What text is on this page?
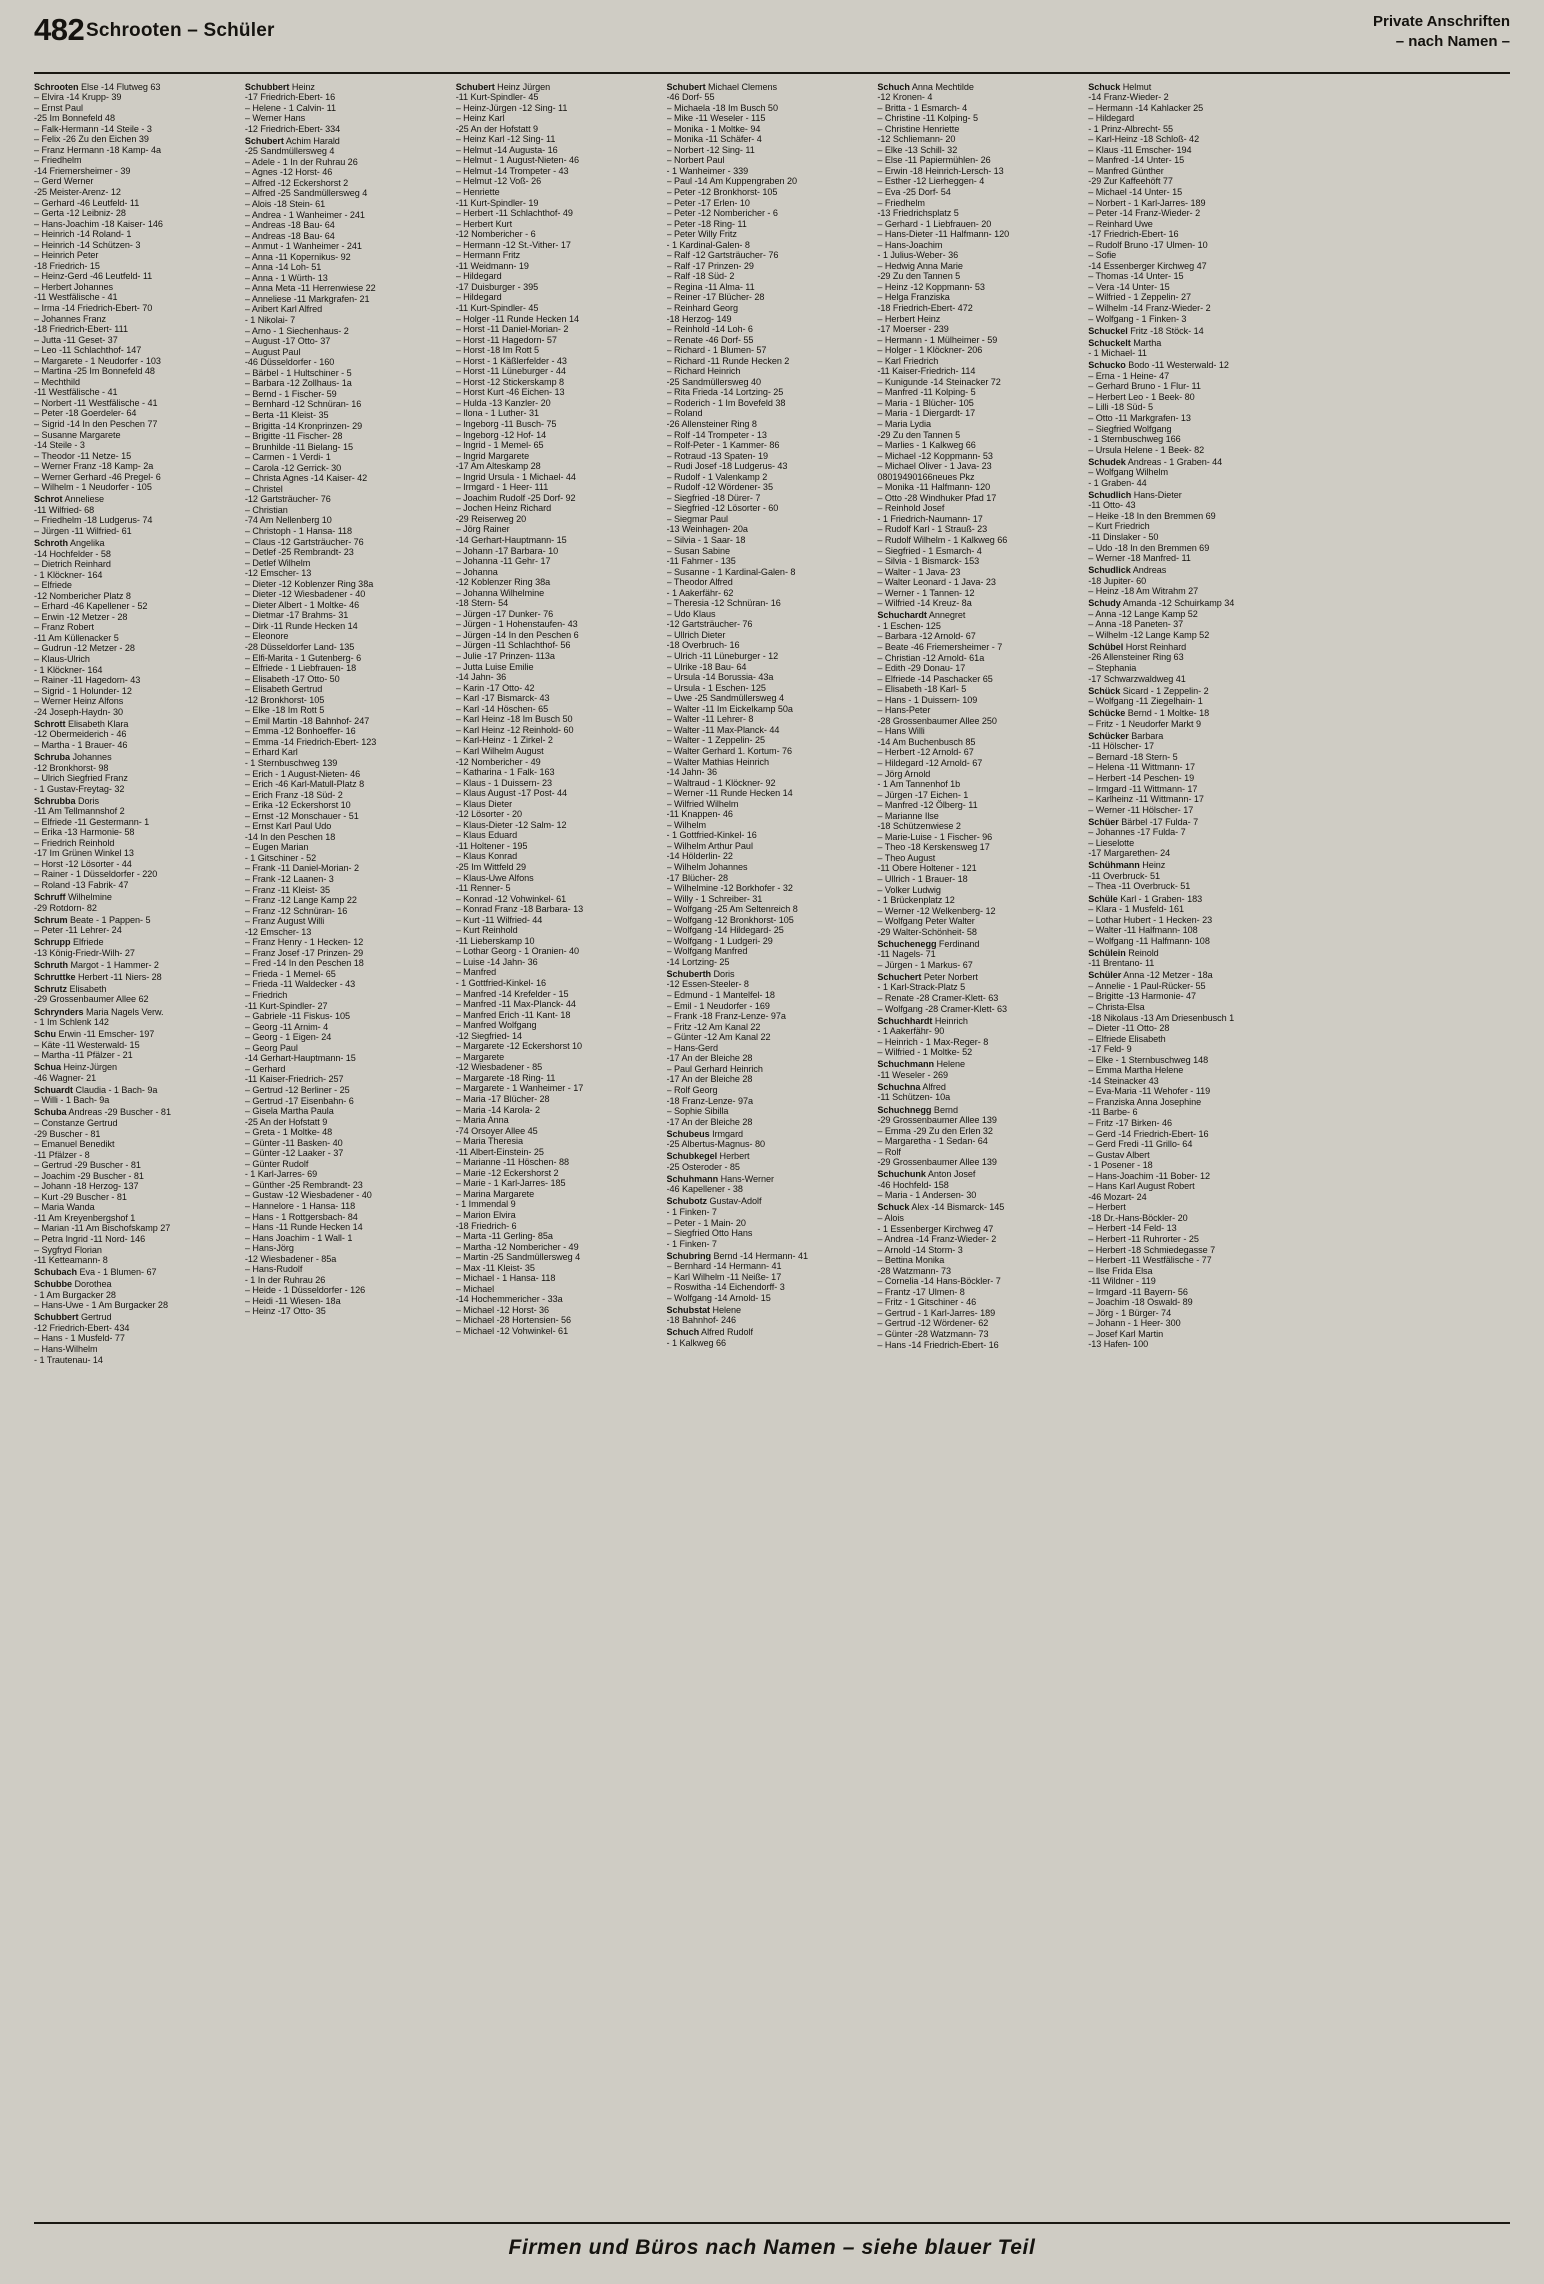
482 Schrooten – Schüler	Private Anschriften
– nach Namen –
Schrooten Else -14 Flutweg 63
– Elvira -14 Krupp- 39
– Ernst Paul
-25 Im Bonnefeld 48
– Falk-Hermann -14 Steile - 3
– Felix -26 Zu den Eichen 39
– Franz Hermann -18 Kamp- 4a
– Friedhelm
-14 Friemersheimer - 39
– Gerd Werner
-25 Meister-Arenz- 12
– Gerhard -46 Leutfeld- 11
– Gerta -12 Leibniz- 28
– Hans-Joachim -18 Kaiser- 146
– Heinrich -14 Roland- 1
– Heinrich -14 Schützen- 3
– Heinrich Peter
-18 Friedrich- 15
– Heinz-Gerd -46 Leutfeld- 11
– Herbert Johannes
-11 Westfälische - 41
– Irma -14 Friedrich-Ebert- 70
– Johannes Franz
-18 Friedrich-Ebert- 111
– Jutta -11 Geset- 37
– Leo -11 Schlachthof- 147
– Margarete - 1 Neudorfer - 103
– Martina -25 Im Bonnefeld 48
– Mechthild
-11 Westfälische - 41
– Norbert -11 Westfälische - 41
– Peter -18 Goerdeler- 64
– Sigrid -14 In den Peschen 77
– Susanne Margarete
-14 Steile - 3
– Theodor -11 Netze- 15
– Werner Franz -18 Kamp- 2a
– Werner Gerhard -46 Pregel- 6
– Wilhelm - 1 Neudorfer - 105
Schrot Anneliese
-11 Wilfried- 68
– Friedhelm -18 Ludgerus- 74
– Jürgen -11 Wilfried- 61
Schroth Angelika
-14 Hochfelder - 58
– Dietrich Reinhard
- 1 Klöckner- 164
– Elfriede
-12 Nombericher Platz 8
– Erhard -46 Kapellener - 52
– Erwin -12 Metzer - 28
– Franz Robert
-11 Am Küllenacker 5
– Gudrun -12 Metzer - 28
– Klaus-Ulrich
- 1 Klöckner- 164
– Rainer -11 Hagedorn- 43
– Sigrid - 1 Holunder- 12
– Werner Heinz Alfons
-24 Joseph-Haydn- 30
Schrott Elisabeth Klara
-12 Obermeiderich - 46
– Martha - 1 Brauer- 46
Schruba Johannes
-12 Bronkhorst- 98
– Ulrich Siegfried Franz
- 1 Gustav-Freytag- 32
Schrubba Doris
-11 Am Tellmannshof 2
– Elfriede -11 Gestermann- 1
– Erika -13 Harmonie- 58
– Friedrich Reinhold
-17 Im Grünen Winkel 13
– Horst -12 Lösorter - 44
– Rainer - 1 Düsseldorfer - 220
– Roland -13 Fabrik- 47
Schruff Wilhelmine
-29 Rotdorn- 82
Schrum Beate - 1 Pappen- 5
– Peter -11 Lehrer- 24
Schrupp Elfriede
-13 König-Friedr-Wilh- 27
Schruth Margot - 1 Hammer- 2
Schruttke Herbert -11 Niers- 28
Schrutz Elisabeth
-29 Grossenbaumer Allee 62
Schrynders Maria Nagels Verw.
- 1 Im Schlenk 142
Schu Erwin -11 Emscher- 197
– Käte -11 Westerwald- 15
– Martha -11 Pfälzer - 21
Schua Heinz-Jürgen
-46 Wagner- 21
Schuardt Claudia - 1 Bach- 9a
– Willi - 1 Bach- 9a
Schuba Andreas -29 Buscher - 81
– Constanze Gertrud
-29 Buscher - 81
– Emanuel Benedikt
-11 Pfälzer - 8
– Gertrud -29 Buscher - 81
– Joachim -29 Buscher - 81
– Johann -18 Herzog- 137
– Kurt -29 Buscher - 81
– Maria Wanda
-11 Am Kreyenbergshof 1
– Marian -11 Am Bischofskamp 27
– Petra Ingrid -11 Nord- 146
– Sygfryd Florian
-11 Ketteamann- 8
Schubach Eva - 1 Blumen- 67
Schubbe Dorothea
- 1 Am Burgacker 28
– Hans-Uwe - 1 Am Burgacker 28
Schubbert Gertrud
-12 Friedrich-Ebert- 434
– Hans - 1 Musfeld- 77
– Hans-Wilhelm
- 1 Trautenau- 14
Schubbert Heinz
-17 Friedrich-Ebert- 16
– Helene - 1 Calvin- 11
– Werner Hans
-12 Friedrich-Ebert- 334
Schubert Achim Harald
-25 Sandmüllersweg 4
– Adele - 1 In der Ruhrau 26
– Agnes -12 Horst- 46
– Alfred -12 Eckershorst 2
– Alfred -25 Sandmüllersweg 4
– Alois -18 Stein- 61
– Andrea - 1 Wanheimer - 241
– Andreas -18 Bau- 64
– Andreas -18 Bau- 64
– Anmut - 1 Wanheimer - 241
– Anna -11 Kopernikus- 92
– Anna -14 Loh- 51
– Anna - 1 Würth- 13
– Anna Meta -11 Herrenwiese 22
– Anneliese -11 Markgrafen- 21
– Aribert Karl Alfred
- 1 Nikolai- 7
– Arno - 1 Siechenhaus- 2
– August -17 Otto- 37
– August Paul
-46 Düsseldorfer - 160
– Bärbel - 1 Hultschiner - 5
– Barbara -12 Zollhaus- 1a
– Bernd - 1 Fischer- 59
– Bernhard -12 Schnüran- 16
– Berta -11 Kleist- 35
– Brigitta -14 Kronprinzen- 29
– Brigitte -11 Fischer- 28
– Brunhilde -11 Bielang- 15
– Carmen - 1 Verdi- 1
– Carola -12 Gerrick- 30
– Christa Agnes -14 Kaiser- 42
– Christel
-12 Gartsträucher- 76
– Christian
-74 Am Nellenberg 10
– Christoph - 1 Hansa- 118
– Claus -12 Gartsträucher- 76
– Detlef -25 Rembrandt- 23
– Detlef Wilhelm
-12 Emscher- 13
– Dieter -12 Koblenzer Ring 38a
– Dieter -12 Wiesbadener - 40
– Dieter Albert - 1 Moltke- 46
– Dietmar -17 Brahms- 31
– Dirk -11 Runde Hecken 14
– Eleonore
-28 Düsseldorfer Land- 135
– Elfi-Marita - 1 Gutenberg- 6
– Elfriede - 1 Liebfrauen- 18
– Elisabeth -17 Otto- 50
– Elisabeth Gertrud
-12 Bronkhorst- 105
– Elke -18 Im Rott 5
– Emil Martin -18 Bahnhof- 247
– Emma -12 Bonhoeffer- 16
– Emma -14 Friedrich-Ebert- 123
– Erhard Karl
- 1 Sternbuschweg 139
– Erich - 1 August-Nieten- 46
– Erich -46 Karl-Matull-Platz 8
– Erich Franz -18 Süd- 2
– Erika -12 Eckershorst 10
– Ernst -12 Monschauer - 51
– Ernst Karl Paul Udo
-14 In den Peschen 18
– Eugen Marian
- 1 Gitschiner - 52
– Frank -11 Daniel-Morian- 2
– Frank -12 Laanen- 3
– Franz -11 Kleist- 35
– Franz -12 Lange Kamp 22
– Franz -12 Schnüran- 16
– Franz August Willi
-12 Emscher- 13
– Franz Henry - 1 Hecken- 12
– Franz Josef -17 Prinzen- 29
– Fred -14 In den Peschen 18
– Frieda - 1 Memel- 65
– Frieda -11 Waldecker - 43
– Friedrich
-11 Kurt-Spindler- 27
– Gabriele -11 Fiskus- 105
– Georg -11 Arnim- 4
– Georg - 1 Eigen- 24
– Georg Paul
-14 Gerhart-Hauptmann- 15
– Gerhard
-11 Kaiser-Friedrich- 257
– Gertrud -12 Berliner - 25
– Gertrud -17 Eisenbahn- 6
– Gisela Martha Paula
-25 An der Hofstatt 9
– Greta - 1 Moltke- 48
– Günter -11 Basken- 40
– Günter -12 Laaker - 37
– Günter Rudolf
- 1 Karl-Jarres- 69
– Günther -25 Rembrandt- 23
– Gustaw -12 Wiesbadener - 40
– Hannelore - 1 Hansa- 118
– Hans - 1 Rottgersbach- 84
– Hans -11 Runde Hecken 14
– Hans Joachim - 1 Wall- 1
– Hans-Jörg
-12 Wiesbadener - 85a
– Hans-Rudolf
- 1 In der Ruhrau 26
– Heide - 1 Düsseldorfer - 126
– Heidi -11 Wiesen- 18a
– Heinz -17 Otto- 35
Schubert Heinz Jürgen
-11 Kurt-Spindler- 45
– Heinz-Jürgen -12 Sing- 11
– Heinz Karl
-25 An der Hofstatt 9
– Heinz Karl -12 Sing- 11
– Helmut -14 Augusta- 16
– Helmut - 1 August-Nieten- 46
– Helmut -14 Trompeter - 43
– Helmut -12 Voß- 26
– Henriette
-11 Kurt-Spindler- 19
– Herbert -11 Schlachthof- 49
– Herbert Kurt
-12 Nombericher - 6
– Hermann -12 St.-Vither- 17
– Hermann Fritz
-11 Weidmann- 19
– Hildegard
-17 Duisburger - 395
– Hildegard
-11 Kurt-Spindler- 45
– Holger -11 Runde Hecken 14
– Horst -11 Daniel-Morian- 2
– Horst -11 Hagedorn- 57
– Horst -18 Im Rott 5
– Horst - 1 Käßlerfelder - 43
– Horst -11 Lüneburger - 44
– Horst -12 Stickerskamp 8
– Horst Kurt -46 Eichen- 13
– Hulda -13 Kanzler- 20
– Ilona - 1 Luther- 31
– Ingeborg -11 Busch- 75
– Ingeborg -12 Hof- 14
– Ingrid - 1 Memel- 65
– Ingrid Margarete
-17 Am Alteskamp 28
– Ingrid Ursula - 1 Michael- 44
– Irmgard - 1 Heer- 111
– Joachim Rudolf -25 Dorf- 92
– Jochen Heinz Richard
-29 Reiserweg 20
– Jörg Rainer
-14 Gerhart-Hauptmann- 15
– Johann -17 Barbara- 10
– Johanna -11 Gehr- 17
– Johanna
-12 Koblenzer Ring 38a
– Johanna Wilhelmine
-18 Stern- 54
– Jürgen -17 Dunker- 76
– Jürgen - 1 Hohenstaufen- 43
– Jürgen -14 In den Peschen 6
– Jürgen -11 Schlachthof- 56
– Julie -17 Prinzen- 113a
– Jutta Luise Emilie
-14 Jahn- 36
– Karin -17 Otto- 42
– Karl -17 Bismarck- 43
– Karl -14 Höschen- 65
– Karl Heinz -18 Im Busch 50
– Karl Heinz -12 Reinhold- 60
– Karl-Heinz - 1 Zirkel- 2
– Karl Wilhelm August
-12 Nombericher - 49
– Katharina - 1 Falk- 163
– Klaus - 1 Duissern- 23
– Klaus August -17 Post- 44
– Klaus Dieter
-12 Lösorter - 20
– Klaus-Dieter -12 Salm- 12
– Klaus Eduard
-11 Holtener - 195
– Klaus Konrad
-25 Im Wittfeld 29
– Klaus-Uwe Alfons
-11 Renner- 5
– Konrad -12 Vohwinkel- 61
– Konrad Franz -18 Barbara- 13
– Kurt -11 Wilfried- 44
– Kurt Reinhold
-11 Lieberskamp 10
– Lothar Georg - 1 Oranien- 40
– Luise -14 Jahn- 36
– Manfred
- 1 Gottfried-Kinkel- 16
– Manfred -14 Krefelder - 15
– Manfred -11 Max-Planck- 44
– Manfred Erich -11 Kant- 18
– Manfred Wolfgang
-12 Siegfried- 14
– Margarete -12 Eckershorst 10
– Margarete
-12 Wiesbadener - 85
– Margarete -18 Ring- 11
– Margarete - 1 Wanheimer - 17
– Maria -17 Blücher- 28
– Maria -14 Karola- 2
– Maria Anna
-74 Orsoyer Allee 45
– Maria Theresia
-11 Albert-Einstein- 25
– Marianne -11 Höschen- 88
– Marie -12 Eckershorst 2
– Marie - 1 Karl-Jarres- 185
– Marina Margarete
- 1 Immendal 9
– Marion Elvira
-18 Friedrich- 6
– Marta -11 Gerling- 85a
– Martha -12 Nombericher - 49
– Martin -25 Sandmüllersweg 4
– Max -11 Kleist- 35
– Michael - 1 Hansa- 118
– Michael
-14 Hochemmericher - 33a
– Michael -12 Horst- 36
– Michael -28 Hortensien- 56
– Michael -12 Vohwinkel- 61
Schubert Michael Clemens
-46 Dorf- 55
– Michaela -18 Im Busch 50
– Mike -11 Weseler - 115
– Monika - 1 Moltke- 94
– Monika -11 Schäfer- 4
– Norbert -12 Sing- 11
– Norbert Paul
- 1 Wanheimer - 339
– Paul -14 Am Kuppengraben 20
– Peter -12 Bronkhorst- 105
– Peter -17 Erlen- 10
– Peter -12 Nombericher - 6
– Peter -18 Ring- 11
– Peter Willy Fritz
- 1 Kardinal-Galen- 8
– Ralf -12 Gartsträucher- 76
– Ralf -17 Prinzen- 29
– Ralf -18 Süd- 2
– Regina -11 Alma- 11
– Reiner -17 Blücher- 28
– Reinhard Georg
-18 Herzog- 149
– Reinhold -14 Loh- 6
– Renate -46 Dorf- 55
– Richard - 1 Blumen- 57
– Richard -11 Runde Hecken 2
– Richard Heinrich
-25 Sandmüllersweg 40
– Rita Frieda -14 Lortzing- 25
– Roderich - 1 Im Bovefeld 38
– Roland
-26 Allensteiner Ring 8
– Rolf -14 Trompeter - 13
– Rolf-Peter - 1 Kammer- 86
– Rotraud -13 Spaten- 19
– Rudi Josef -18 Ludgerus- 43
– Rudolf - 1 Valenkamp 2
– Rudolf -12 Wördener- 35
– Siegfried -18 Dürer- 7
– Siegfried -12 Lösorter - 60
– Siegmar Paul
-13 Weinhagen- 20a
– Silvia - 1 Saar- 18
– Susan Sabine
-11 Fahrner - 135
– Susanne - 1 Kardinal-Galen- 8
– Theodor Alfred
- 1 Aakerfähr- 62
– Theresia -12 Schnüran- 16
– Udo Klaus
-12 Gartsträucher- 76
– Ullrich Dieter
-18 Overbruch- 16
– Ulrich -11 Lüneburger - 12
– Ulrike -18 Bau- 64
– Ursula -14 Borussia- 43a
– Ursula - 1 Eschen- 125
– Uwe -25 Sandmüllersweg 4
– Walter -11 Im Eickelkamp 50a
– Walter -11 Lehrer- 8
– Walter -11 Max-Planck- 44
– Walter - 1 Zeppelin- 25
– Walter Gerhard 1. Kortum- 76
– Walter Mathias Heinrich
-14 Jahn- 36
– Waltraud - 1 Klöckner- 92
– Werner -11 Runde Hecken 14
– Wilfried Wilhelm
-11 Knappen- 46
– Wilhelm
- 1 Gottfried-Kinkel- 16
– Wilhelm Arthur Paul
-14 Hölderlin- 22
– Wilhelm Johannes
-17 Blücher- 28
– Wilhelmine -12 Borkhofer - 32
– Willy - 1 Schreiber- 31
– Wolfgang -25 Am Seltenreich 8
– Wolfgang -12 Bronkhorst- 105
– Wolfgang -14 Hildegard- 25
– Wolfgang - 1 Ludgeri- 29
– Wolfgang Manfred
-14 Lortzing- 25
Schuberth Doris
-12 Essen-Steeler- 8
– Edmund - 1 Mantelfel- 18
– Emil - 1 Neudorfer - 169
– Frank -18 Franz-Lenze- 97a
– Fritz -12 Am Kanal 22
– Günter -12 Am Kanal 22
– Hans-Gerd
-17 An der Bleiche 28
– Paul Gerhard Heinrich
-17 An der Bleiche 28
– Rolf Georg
-18 Franz-Lenze- 97a
– Sophie Sibilla
-17 An der Bleiche 28
Schubeus Irmgard
-25 Albertus-Magnus- 80
Schubkegel Herbert
-25 Osteroder - 85
Schuhmann Hans-Werner
-46 Kapellener - 38
Schubotz Gustav-Adolf
- 1 Finken- 7
– Peter - 1 Main- 20
– Siegfried Otto Hans
- 1 Finken- 7
Schubring Bernd -14 Hermann- 41
– Bernhard -14 Hermann- 41
– Karl Wilhelm -11 Neiße- 17
– Roswitha -14 Eichendorff- 3
– Wolfgang -14 Arnold- 15
Schubstat Helene
-18 Bahnhof- 246
Schuch Alfred Rudolf
- 1 Kalkweg 66
Schuch Anna Mechtilde
-12 Kronen- 4
– Britta - 1 Esmarch- 4
– Christine -11 Kolping- 5
– Christine Henriette
-12 Schliemann- 20
– Elke -13 Schill- 32
– Else -11 Papiermühlen- 26
– Erwin -18 Heinrich-Lersch- 13
– Esther -12 Lierheggen- 4
– Eva -25 Dorf- 54
– Friedhelm
-13 Friedrichsplatz 5
– Gerhard - 1 Liebfrauen- 20
– Hans-Dieter -11 Halfmann- 120
– Hans-Joachim
- 1 Julius-Weber- 36
– Hedwig Anna Marie
-29 Zu den Tannen 5
– Heinz -12 Koppmann- 53
– Helga Franziska
-18 Friedrich-Ebert- 472
– Herbert Heinz
-17 Moerser - 239
– Hermann - 1 Mülheimer - 59
– Holger - 1 Klöckner- 206
– Karl Friedrich
-11 Kaiser-Friedrich- 114
– Kunigunde -14 Steinacker 72
– Manfred -11 Kolping- 5
– Maria - 1 Blücher- 105
– Maria - 1 Diergardt- 17
– Maria Lydia
-29 Zu den Tannen 5
– Marlies - 1 Kalkweg 66
– Michael -12 Koppmann- 53
– Michael Oliver - 1 Java- 23
08019490166neues Pkz
– Monika -11 Halfmann- 120
– Otto -28 Windhuker Pfad 17
– Reinhold Josef
- 1 Friedrich-Naumann- 17
– Rudolf Karl - 1 Strauß- 23
– Rudolf Wilhelm - 1 Kalkweg 66
– Siegfried - 1 Esmarch- 4
– Silvia - 1 Bismarck- 153
– Walter - 1 Java- 23
– Walter Leonard - 1 Java- 23
– Werner - 1 Tannen- 12
– Wilfried -14 Kreuz- 8a
Schuchardt Annegret
- 1 Eschen- 125
– Barbara -12 Arnold- 67
– Beate -46 Friemersheimer - 7
– Christian -12 Arnold- 61a
– Edith -29 Donau- 17
– Elfriede -14 Paschacker 65
– Elisabeth -18 Karl- 5
– Hans - 1 Duissern- 109
– Hans-Peter
-28 Grossenbaumer Allee 250
– Hans Willi
-14 Am Buchenbusch 85
– Herbert -12 Arnold- 67
– Hildegard -12 Arnold- 67
– Jörg Arnold
- 1 Am Tannenhof 1b
– Jürgen -17 Eichen- 1
– Manfred -12 Ölberg- 11
– Marianne Ilse
-18 Schützenwiese 2
– Marie-Luise - 1 Fischer- 96
– Theo -18 Kerskensweg 17
– Theo August
-11 Obere Holtener - 121
– Ullrich - 1 Brauer- 18
– Volker Ludwig
- 1 Brückenplatz 12
– Werner -12 Welkenberg- 12
– Wolfgang Peter Walter
-29 Walter-Schönheit- 58
Schuchenegg Ferdinand
-11 Nagels- 71
– Jürgen - 1 Markus- 67
Schuchert Peter Norbert
- 1 Karl-Strack-Platz 5
– Renate -28 Cramer-Klett- 63
– Wolfgang -28 Cramer-Klett- 63
Schuchhardt Heinrich
- 1 Aakerfähr- 90
– Heinrich - 1 Max-Reger- 8
– Wilfried - 1 Moltke- 52
Schuchmann Helene
-11 Weseler - 269
Schuchna Alfred
-11 Schützen- 10a
Schuchnegg Bernd
-29 Grossenbaumer Allee 139
– Emma -29 Zu den Erlen 32
– Margaretha - 1 Sedan- 64
– Rolf
-29 Grossenbaumer Allee 139
Schuchunk Anton Josef
-46 Hochfeld- 158
– Maria - 1 Andersen- 30
Schuck Alex -14 Bismarck- 145
– Alois
- 1 Essenberger Kirchweg 47
– Andrea -14 Franz-Wieder- 2
– Arnold -14 Storm- 3
– Bettina Monika
-28 Watzmann- 73
– Cornelia -14 Hans-Böckler- 7
– Frantz -17 Ulmen- 8
– Fritz - 1 Gitschiner - 46
– Gertrud - 1 Karl-Jarres- 189
– Gertrud -12 Wördener- 62
– Günter -28 Watzmann- 73
– Hans -14 Friedrich-Ebert- 16
Schuck Helmut
-14 Franz-Wieder- 2
– Hermann -14 Kahlacker 25
– Hildegard
- 1 Prinz-Albrecht- 55
– Karl-Heinz -18 Schloß- 42
– Klaus -11 Emscher- 194
– Manfred -14 Unter- 15
– Manfred Günther
-29 Zur Kaffeehöft 77
– Michael -14 Unter- 15
– Norbert - 1 Karl-Jarres- 189
– Peter -14 Franz-Wieder- 2
– Reinhard Uwe
-17 Friedrich-Ebert- 16
– Rudolf Bruno -17 Ulmen- 10
– Sofie
-14 Essenberger Kirchweg 47
– Thomas -14 Unter- 15
– Vera -14 Unter- 15
– Wilfried - 1 Zeppelin- 27
– Wilhelm -14 Franz-Wieder- 2
– Wolfgang - 1 Finken- 3
Schuckel Fritz -18 Stöck- 14
Schuckelt Martha
- 1 Michael- 11
Schucko Bodo -11 Westerwald- 12
– Erna - 1 Heine- 47
– Gerhard Bruno - 1 Flur- 11
– Herbert Leo - 1 Beek- 80
– Lilli -18 Süd- 5
– Otto -11 Markgrafen- 13
– Siegfried Wolfgang
- 1 Sternbuschweg 166
– Ursula Helene - 1 Beek- 82
Schudek Andreas - 1 Graben- 44
– Wolfgang Wilhelm
- 1 Graben- 44
Schudlich Hans-Dieter
-11 Otto- 43
– Heike -18 In den Bremmen 69
– Kurt Friedrich
-11 Dinslaker - 50
– Udo -18 In den Bremmen 69
– Werner -18 Manfred- 11
Schudlick Andreas
-18 Jupiter- 60
– Heinz -18 Am Witrahm 27
Schudy Amanda -12 Schuirkamp 34
– Anna -12 Lange Kamp 52
– Anna -18 Paneten- 37
– Wilhelm -12 Lange Kamp 52
Schübel Horst Reinhard
-26 Allensteiner Ring 63
– Stephania
-17 Schwarzwaldweg 41
Schück Sicard - 1 Zeppelin- 2
– Wolfgang -11 Ziegelhain- 1
Schücke Bernd - 1 Moltke- 18
– Fritz - 1 Neudorfer Markt 9
Schücker Barbara
-11 Hölscher- 17
– Bernard -18 Stern- 5
– Helena -11 Wittmann- 17
– Herbert -14 Peschen- 19
– Irmgard -11 Wittmann- 17
– Karlheinz -11 Wittmann- 17
– Werner -11 Hölscher- 17
Schüer Bärbel -17 Fulda- 7
– Johannes -17 Fulda- 7
– Lieselotte
-17 Margarethen- 24
Schühmann Heinz
-11 Overbruck- 51
– Thea -11 Overbruck- 51
Schüle Karl - 1 Graben- 183
– Klara - 1 Musfeld- 161
– Lothar Hubert - 1 Hecken- 23
– Walter -11 Halfmann- 108
– Wolfgang -11 Halfmann- 108
Schülein Reinold
-11 Brentano- 11
Schüler Anna -12 Metzer - 18a
– Annelie - 1 Paul-Rücker- 55
– Brigitte -13 Harmonie- 47
– Christa-Elsa
-18 Nikolaus -13 Am Driesenbusch 1
– Dieter -11 Otto- 28
– Elfriede Elisabeth
-17 Feld- 9
– Elke - 1 Sternbuschweg 148
– Emma Martha Helene
-14 Steinacker 43
– Eva-Maria -11 Wehofer - 119
– Franziska Anna Josephine
-11 Barbe- 6
– Fritz -17 Birken- 46
– Gerd -14 Friedrich-Ebert- 16
– Gerd Fredi -11 Grillo- 64
– Gustav Albert
- 1 Posener - 18
– Hans-Joachim -11 Bober- 12
– Hans Karl August Robert
-46 Mozart- 24
– Herbert
-18 Dr.-Hans-Böckler- 20
– Herbert -14 Feld- 13
– Herbert -11 Ruhrorter - 25
– Herbert -18 Schmiedegasse 7
– Herbert -11 Westfälische - 77
– Ilse Frida Elsa
-11 Wildner - 119
– Irmgard -11 Bayern- 56
– Joachim -18 Oswald- 89
– Jörg - 1 Bürger- 74
– Johann - 1 Heer- 300
– Josef Karl Martin
-13 Hafen- 100
Firmen und Büros nach Namen – siehe blauer Teil
